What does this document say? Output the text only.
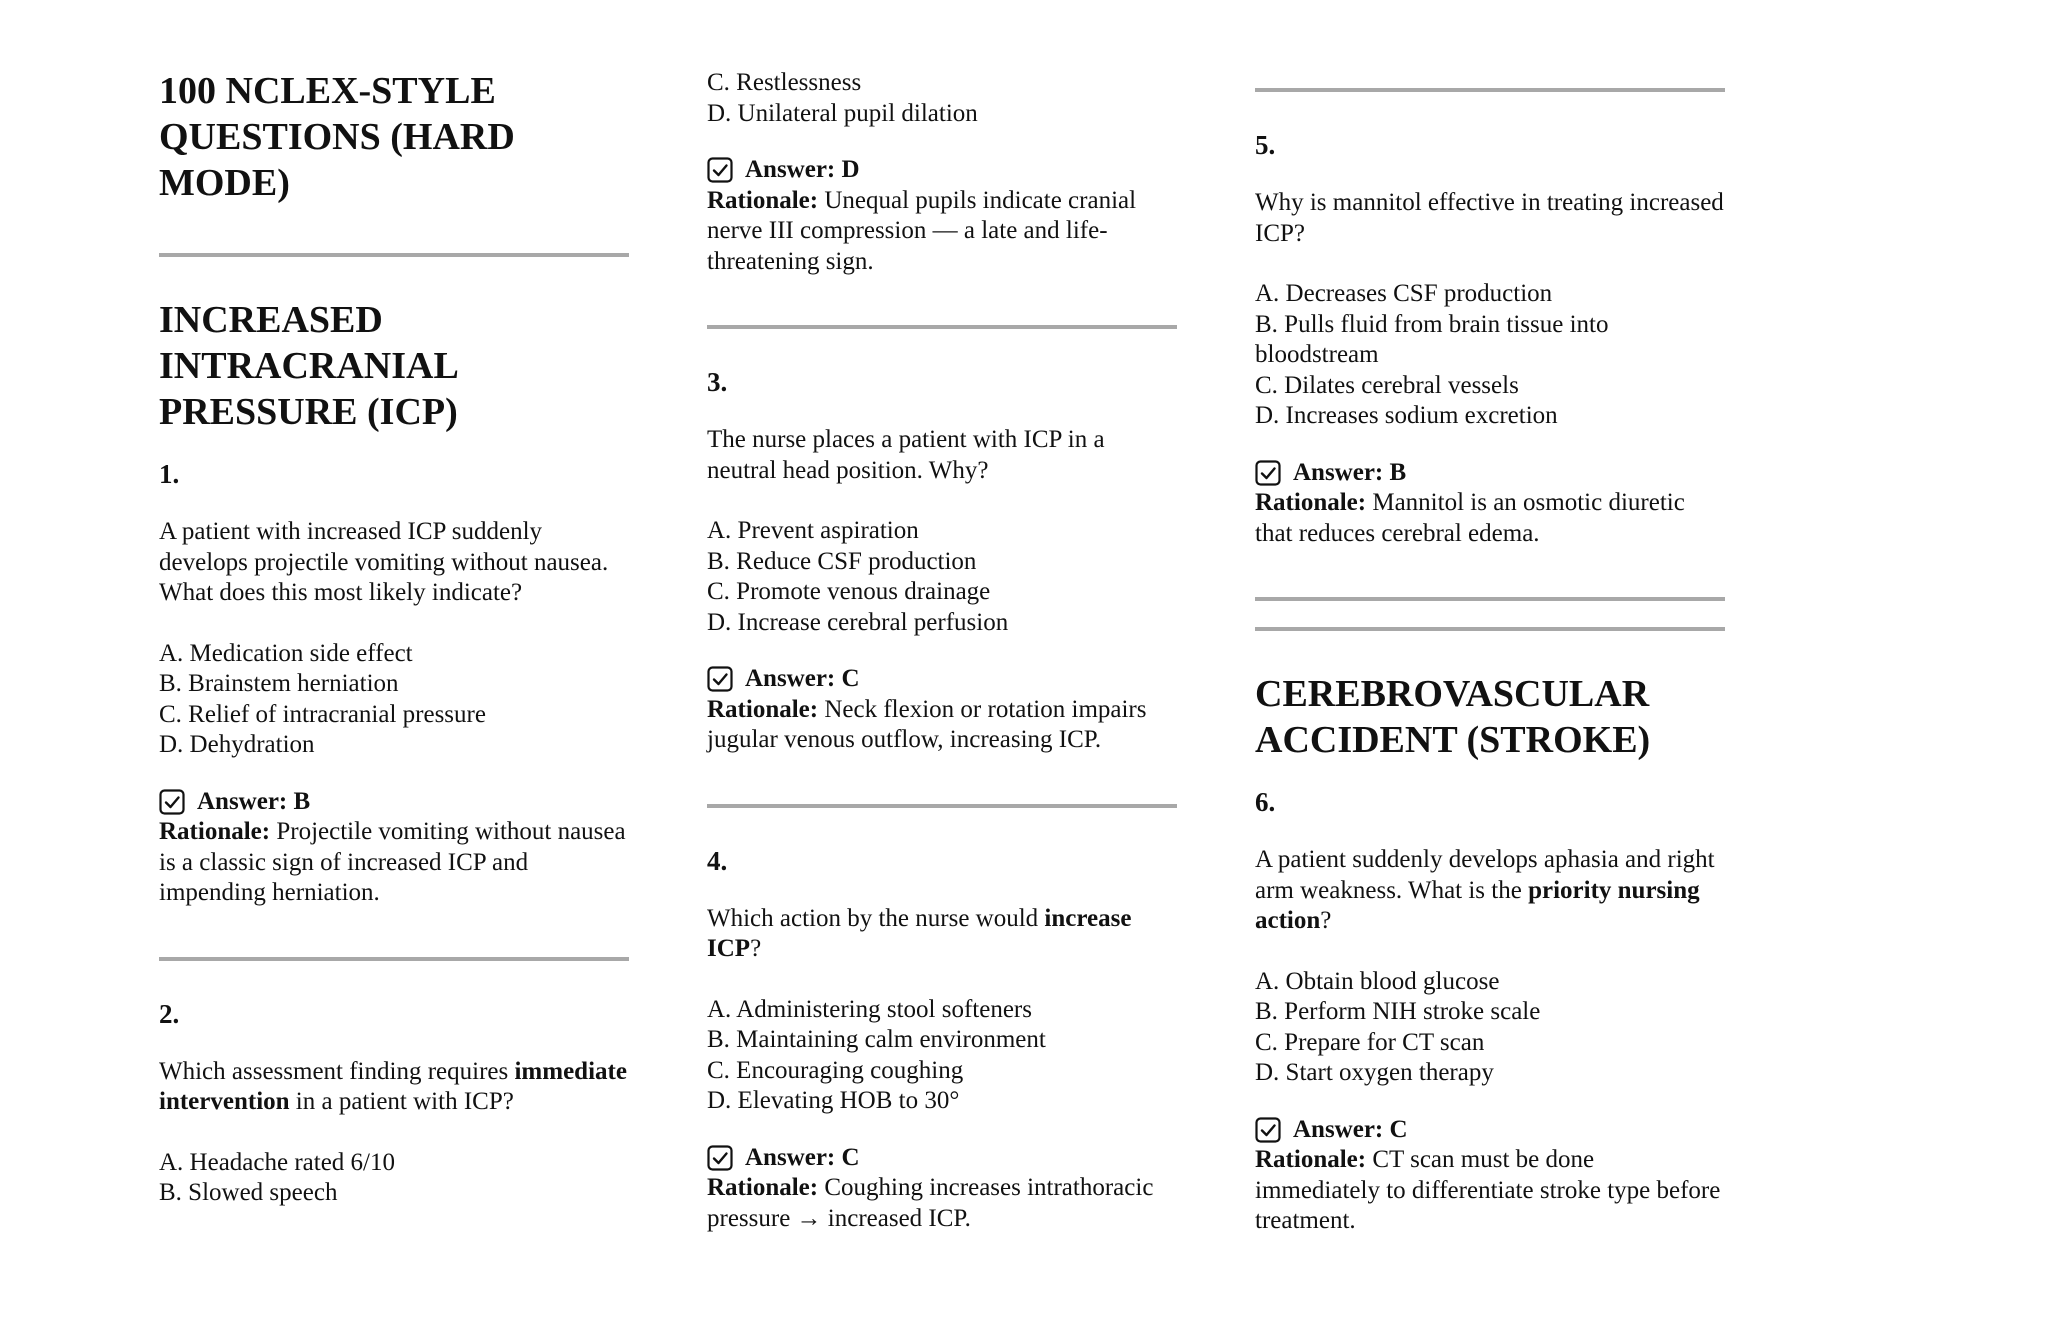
100 NCLEX-STYLE QUESTIONS (HARD MODE)
INCREASED INTRACRANIAL PRESSURE (ICP)
1.
A patient with increased ICP suddenly develops projectile vomiting without nausea. What does this most likely indicate?
A. Medication side effect
B. Brainstem herniation
C. Relief of intracranial pressure
D. Dehydration
Answer: B
Rationale: Projectile vomiting without nausea is a classic sign of increased ICP and impending herniation.
2.
Which assessment finding requires immediate intervention in a patient with ICP?
A. Headache rated 6/10
B. Slowed speech
C. Restlessness
D. Unilateral pupil dilation
Answer: D
Rationale: Unequal pupils indicate cranial nerve III compression — a late and life-threatening sign.
3.
The nurse places a patient with ICP in a neutral head position. Why?
A. Prevent aspiration
B. Reduce CSF production
C. Promote venous drainage
D. Increase cerebral perfusion
Answer: C
Rationale: Neck flexion or rotation impairs jugular venous outflow, increasing ICP.
4.
Which action by the nurse would increase ICP?
A. Administering stool softeners
B. Maintaining calm environment
C. Encouraging coughing
D. Elevating HOB to 30°
Answer: C
Rationale: Coughing increases intrathoracic pressure → increased ICP.
5.
Why is mannitol effective in treating increased ICP?
A. Decreases CSF production
B. Pulls fluid from brain tissue into bloodstream
C. Dilates cerebral vessels
D. Increases sodium excretion
Answer: B
Rationale: Mannitol is an osmotic diuretic that reduces cerebral edema.
CEREBROVASCULAR ACCIDENT (STROKE)
6.
A patient suddenly develops aphasia and right arm weakness. What is the priority nursing action?
A. Obtain blood glucose
B. Perform NIH stroke scale
C. Prepare for CT scan
D. Start oxygen therapy
Answer: C
Rationale: CT scan must be done immediately to differentiate stroke type before treatment.
